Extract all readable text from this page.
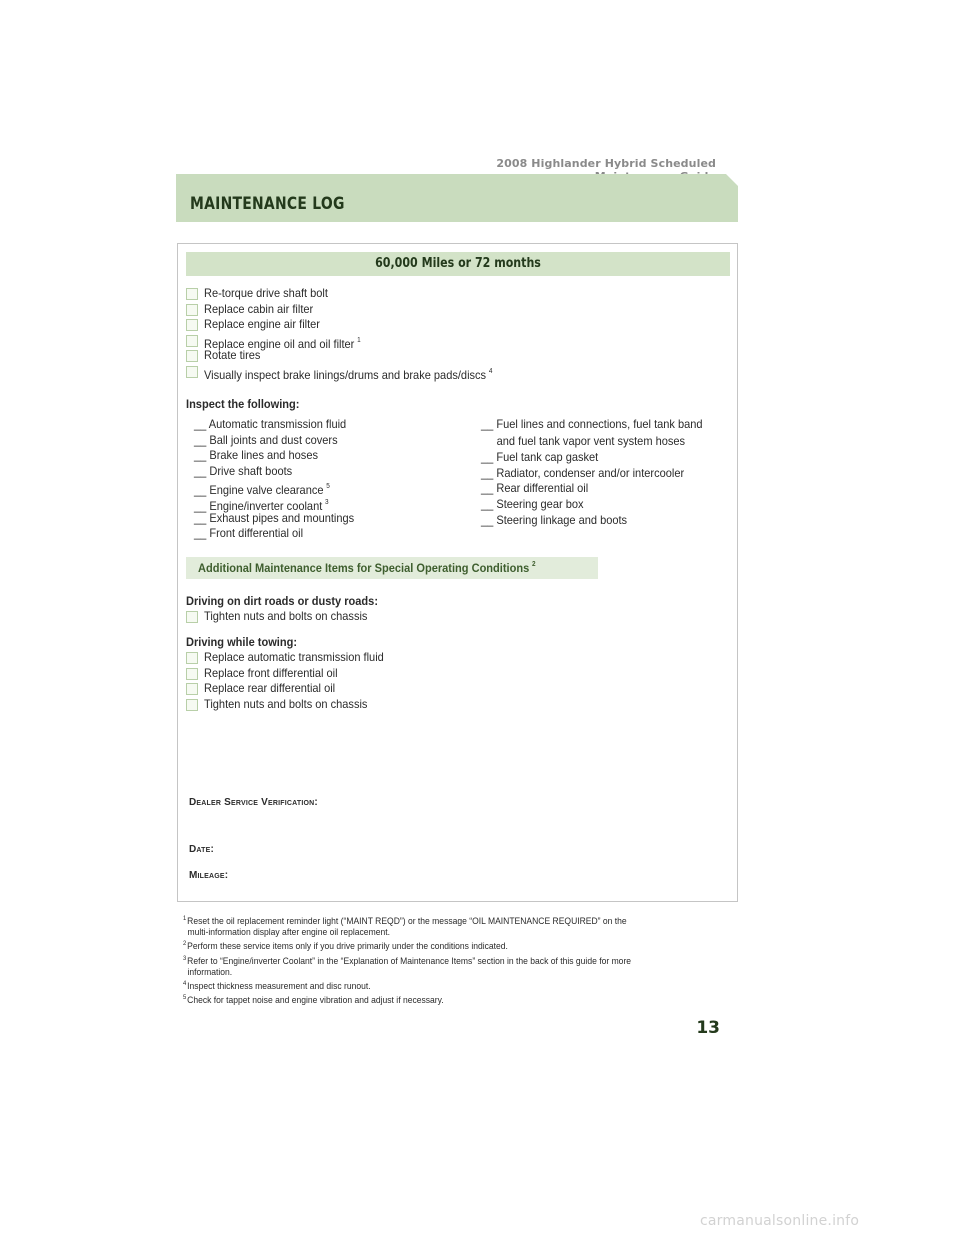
2008 Highlander Hybrid Scheduled
MAINTENANCE LOG
60,000 Miles or 72 months
Re-torque drive shaft bolt
Replace cabin air filter
Replace engine air filter
Replace engine oil and oil filter $^1$
Rotate tires
Visually inspect brake linings/drums and brake pads/discs $^4$
Inspect the following:
__ Automatic transmission fluid
__ Ball joints and dust covers
__ Brake lines and hoses
__ Drive shaft boots
__ Engine valve clearance $^5$
__ Engine/inverter coolant $^3$
__ Exhaust pipes and mountings
__ Front differential oil
__ Fuel lines and connections, fuel tank band
and fuel tank vapor vent system hoses
__ Fuel tank cap gasket
__ Radiator, condenser and/or intercooler
__ Rear differential oil
__ Steering gear box
__ Steering linkage and boots
Additional Maintenance Items for Special Operating Conditions $^2$
Driving on dirt roads or dusty roads:
Tighten nuts and bolts on chassis
Driving while towing:
Replace automatic transmission fluid
Replace front differential oil
Replace rear differential oil
Tighten nuts and bolts on chassis
Dealer Service Verification:
Date:
Mileage:
$^1$Reset the oil replacement reminder light (“MAINT REQD”) or the message “OIL MAINTENANCE REQUIRED” on the
multi-information display after engine oil replacement.
$^2$Perform these service items only if you drive primarily under the conditions indicated.
$^3$Refer to “Engine/inverter Coolant” in the “Explanation of Maintenance Items” section in the back of this guide for more
information.
$^4$Inspect thickness measurement and disc runout.
$^5$Check for tappet noise and engine vibration and adjust if necessary.
13
carmanualsonline.info
